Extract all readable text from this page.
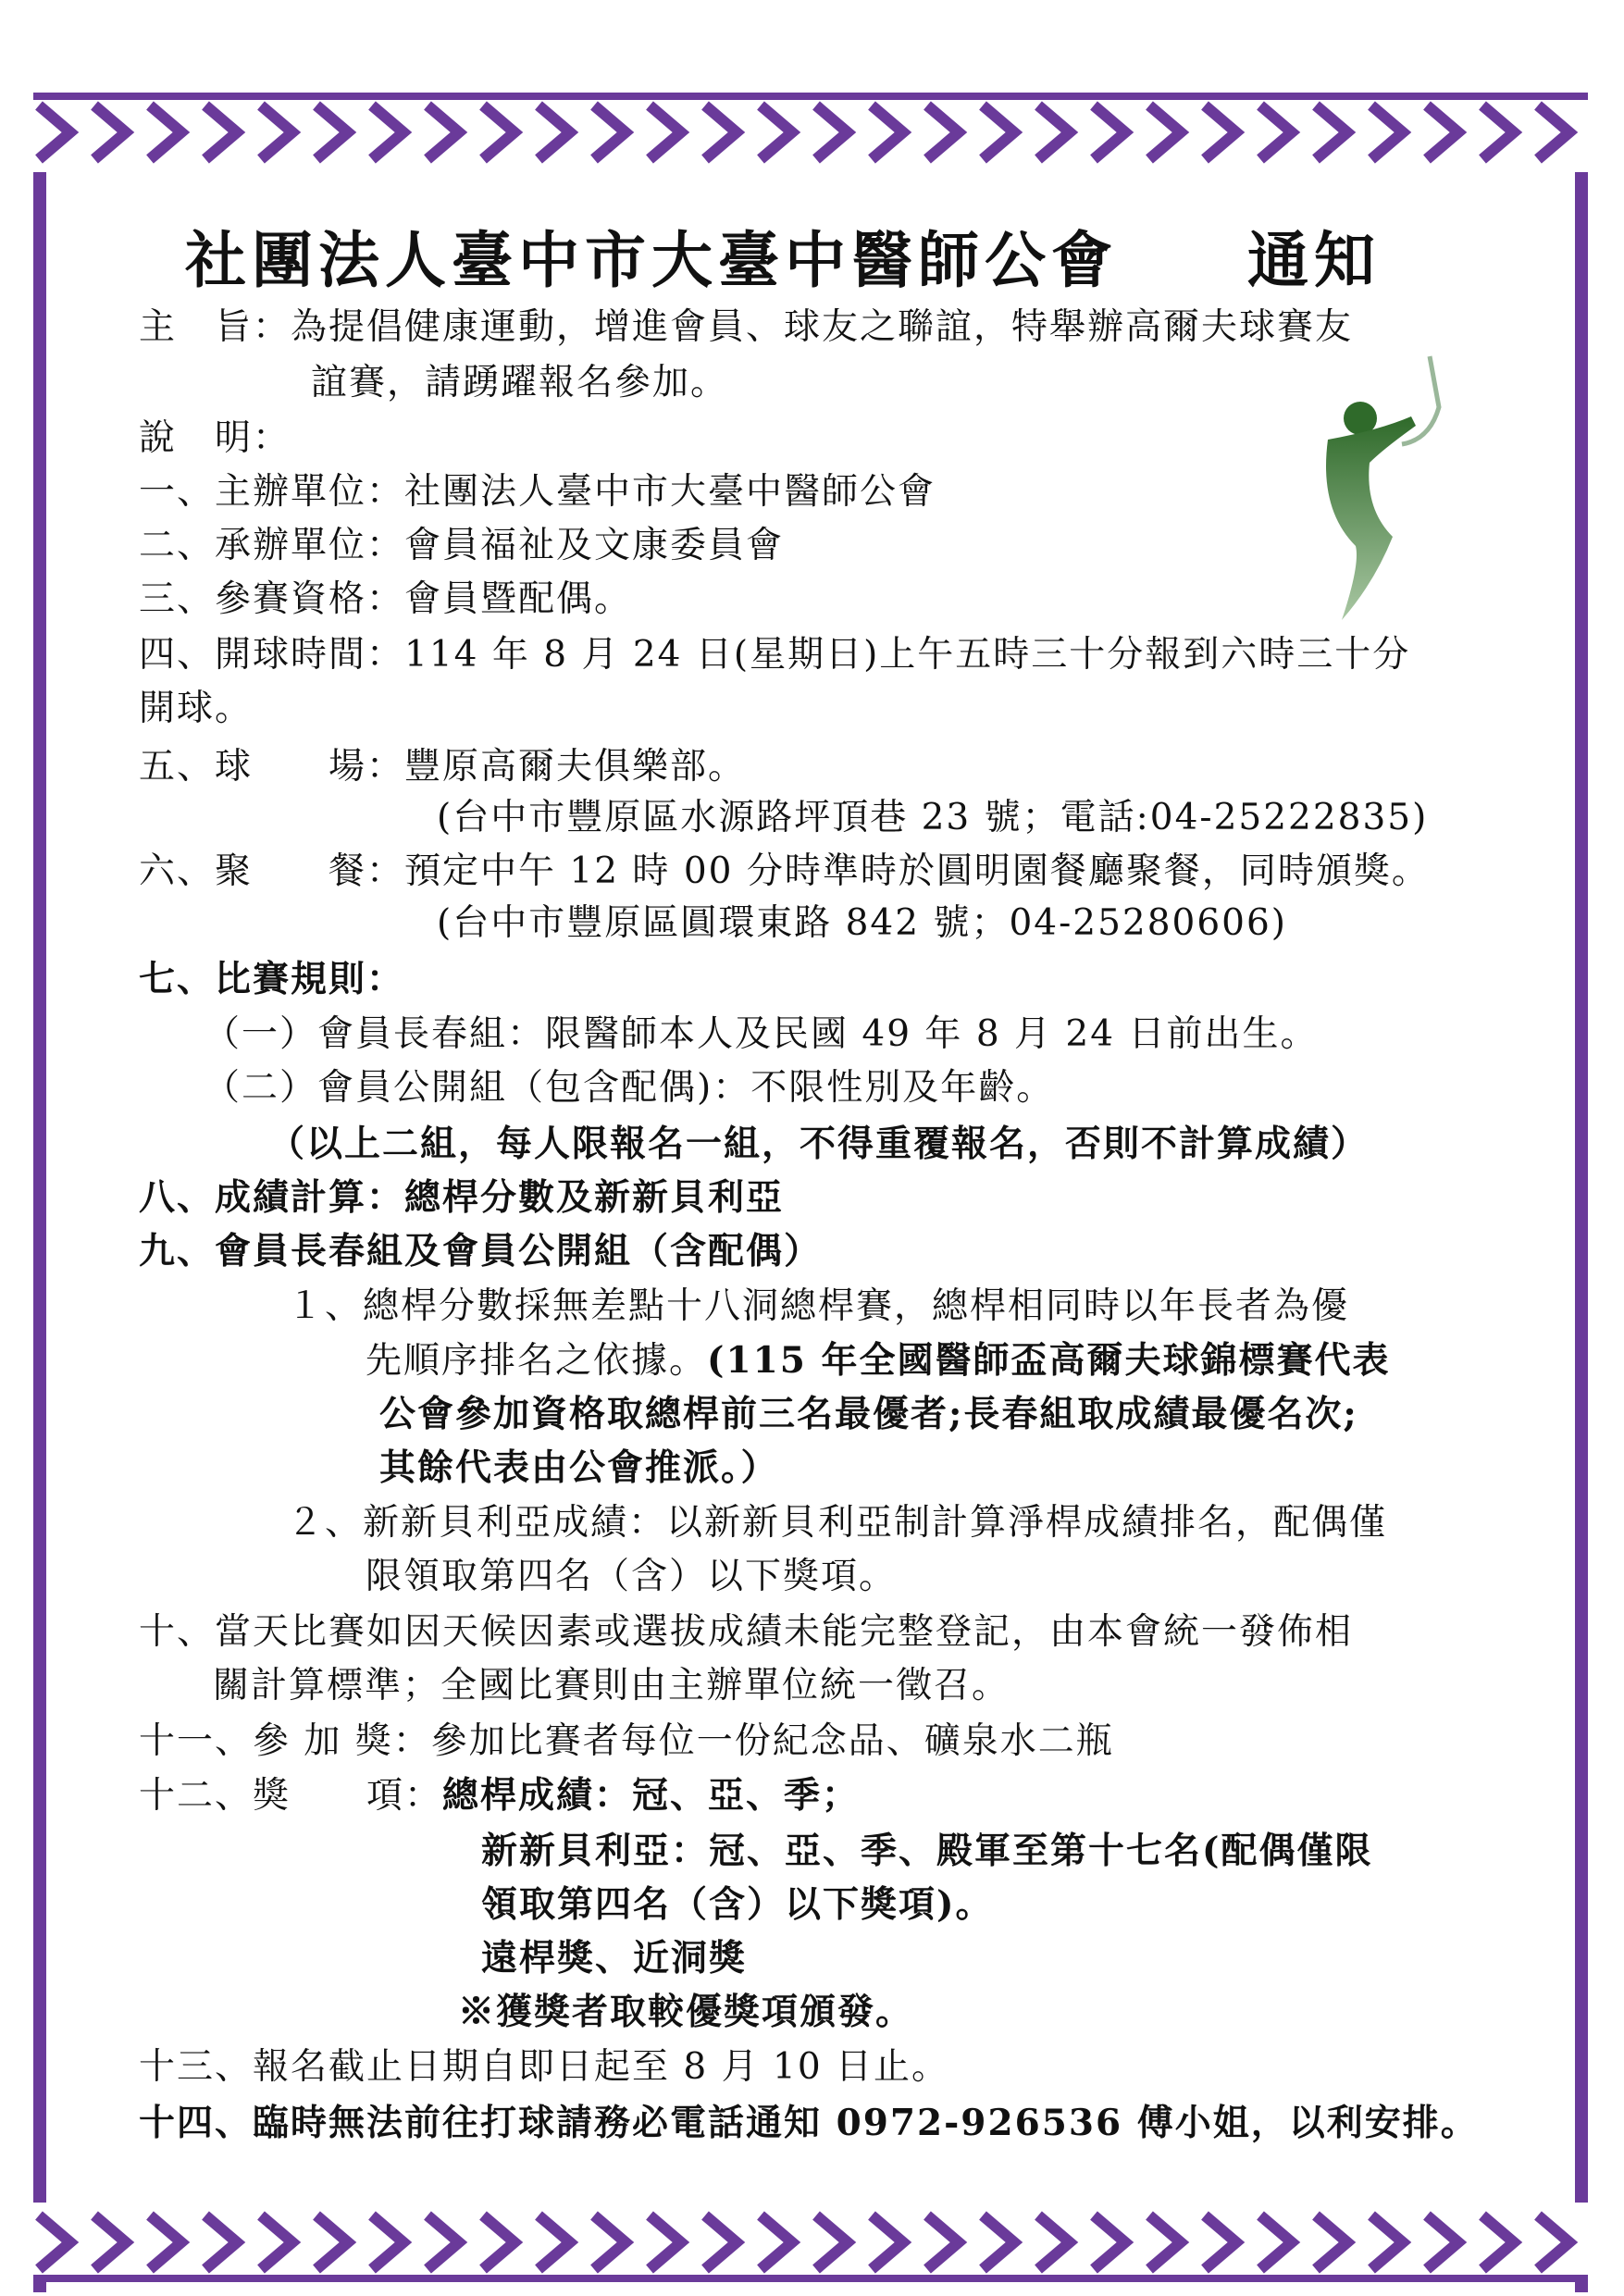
社團法人臺中市大臺中醫師公會 通知
主　旨：為提倡健康運動，增進會員、球友之聯誼，特舉辦高爾夫球賽友
誼賽，請踴躍報名參加。
說　明：
一、主辦單位：社團法人臺中市大臺中醫師公會
二、承辦單位：會員福祉及文康委員會
三、參賽資格：會員暨配偶。
四、開球時間：114 年 8 月 24 日(星期日)上午五時三十分報到六時三十分
開球。
五、球　　場：豐原高爾夫俱樂部。
(台中市豐原區水源路坪頂巷 23 號；電話:04-25222835)
六、聚　　餐：預定中午 12 時 00 分時準時於圓明園餐廳聚餐，同時頒獎。
(台中市豐原區圓環東路 842 號；04-25280606)
七、比賽規則：
（一）會員長春組：限醫師本人及民國 49 年 8 月 24 日前出生。
（二）會員公開組（包含配偶)：不限性別及年齡。
（以上二組，每人限報名一組，不得重覆報名，否則不計算成績）
八、成績計算：總桿分數及新新貝利亞
九、會員長春組及會員公開組（含配偶）
１、總桿分數採無差點十八洞總桿賽，總桿相同時以年長者為優
先順序排名之依據。(115 年全國醫師盃高爾夫球錦標賽代表
公會參加資格取總桿前三名最優者;長春組取成績最優名次;
其餘代表由公會推派。）
２、新新貝利亞成績：以新新貝利亞制計算淨桿成績排名，配偶僅
限領取第四名（含）以下獎項。
十、當天比賽如因天候因素或選拔成績未能完整登記，由本會統一發佈相
關計算標準；全國比賽則由主辦單位統一徵召。
十一、參 加 獎：參加比賽者每位一份紀念品、礦泉水二瓶
十二、獎　　項：總桿成績：冠、亞、季；
新新貝利亞：冠、亞、季、殿軍至第十七名(配偶僅限
領取第四名（含）以下獎項)。
遠桿獎、近洞獎
※獲獎者取較優獎項頒發。
十三、報名截止日期自即日起至 8 月 10 日止。
十四、臨時無法前往打球請務必電話通知 0972-926536 傅小姐，以利安排。
